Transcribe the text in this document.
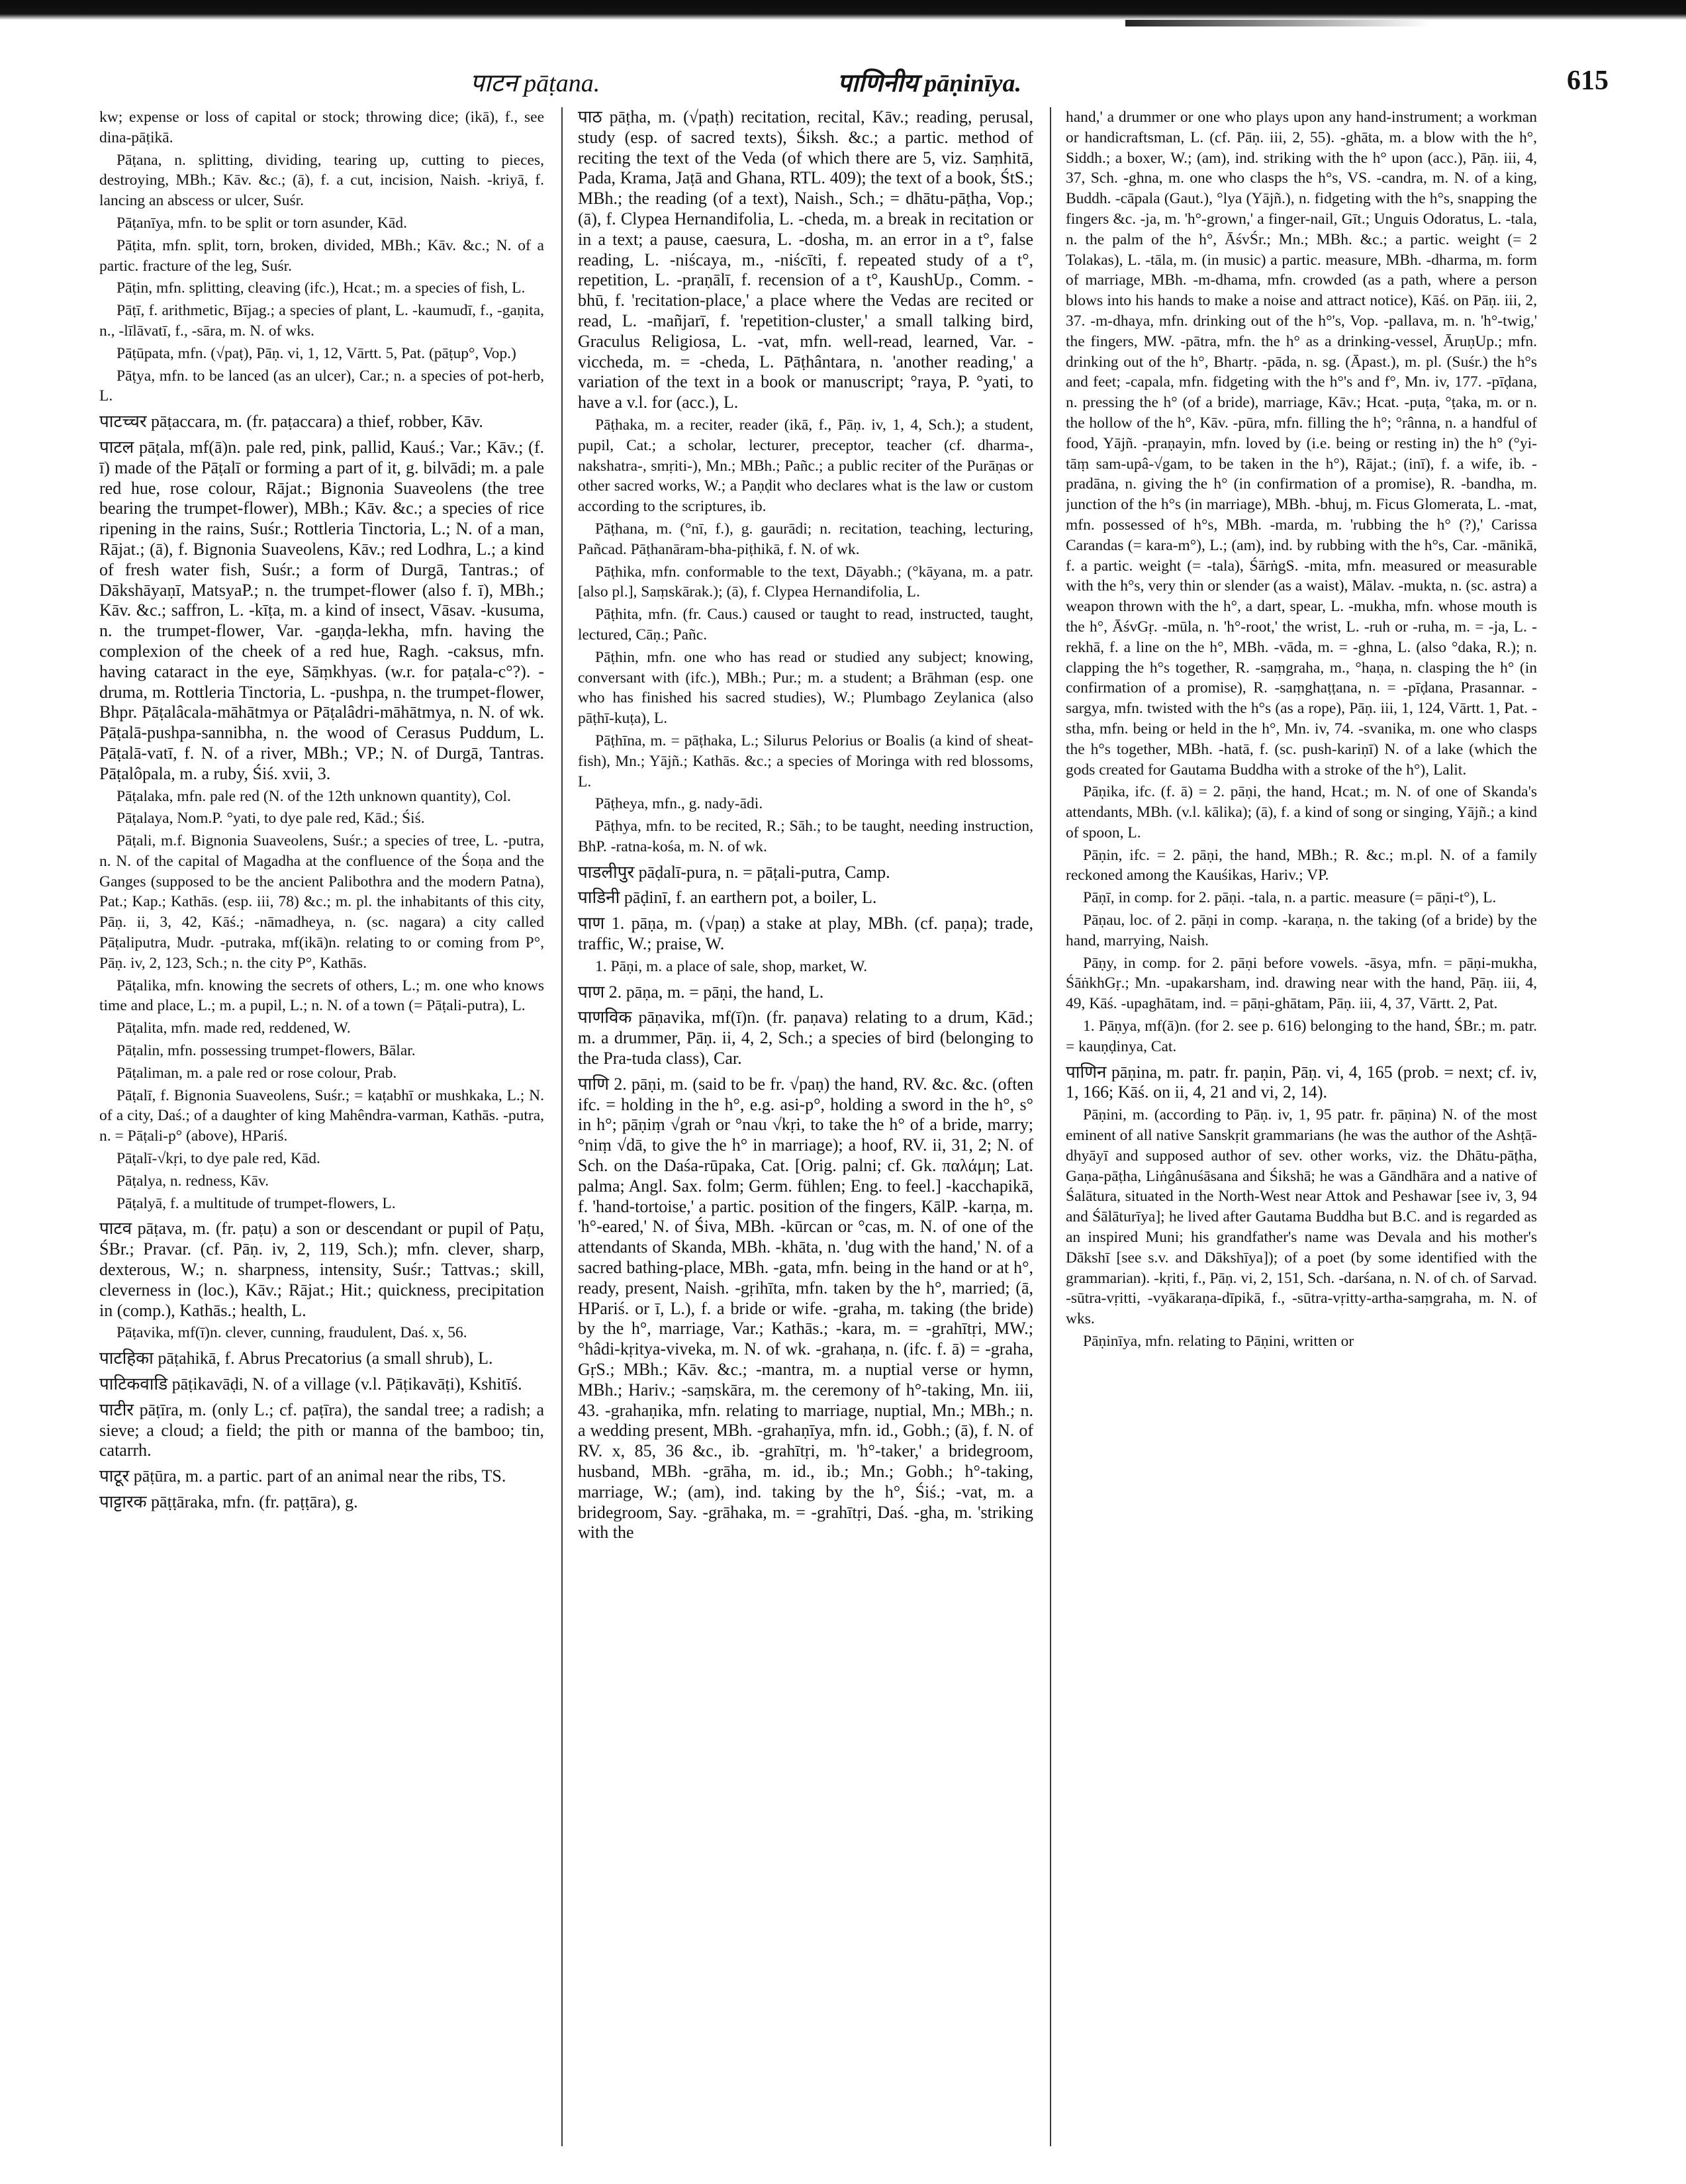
पाटन pāṭana.	पाणिनीय pāṇinīya.	615

kw; expense or loss of capital or stock; throwing dice; (ikā), f., see dina-pāṭikā.

Pāṭana, n. splitting, dividing, tearing up, cutting to pieces, destroying, MBh.; Kāv. &c.; (ā), f. a cut, incision, Naish. -kriyā, f. lancing an abscess or ulcer, Suśr.

Pāṭanīya, mfn. to be split or torn asunder, Kād.

Pāṭita, mfn. split, torn, broken, divided, MBh.; Kāv. &c.; N. of a partic. fracture of the leg, Suśr.

Pāṭin, mfn. splitting, cleaving (ifc.), Hcat.; m. a species of fish, L.

Pāṭī, f. arithmetic, Bījag.; a species of plant, L. -kaumudī, f., -gaṇita, n., -līlāvatī, f., -sāra, m. N. of wks.

Pāṭūpata, mfn. (√paṭ), Pāṇ. vi, 1, 12, Vārtt. 5, Pat. (pāṭup°, Vop.)

Pāṭya, mfn. to be lanced (as an ulcer), Car.; n. a species of pot-herb, L.

पाटच्चर pāṭaccara, m. (fr. paṭaccara) a thief, robber, Kāv.

पाटल pāṭala, mf(ā)n. pale red, pink, pallid, Kauś.; Var.; Kāv.; (f. ī) made of the Pāṭalī or forming a part of it, g. bilvādi; m. a pale red hue, rose colour, Rājat.; Bignonia Suaveolens (the tree bearing the trumpet-flower), MBh.; Kāv. &c.; a species of rice ripening in the rains, Suśr.; Rottleria Tinctoria, L.; N. of a man, Rājat.; (ā), f. Bignonia Suaveolens, Kāv.; red Lodhra, L.; a kind of fresh water fish, Suśr.; a form of Durgā, Tantras.; of Dākshāyaṇī, MatsyaP.; n. the trumpet-flower (also f. ī), MBh.; Kāv. &c.; saffron, L. -kīṭa, m. a kind of insect, Vāsav. -kusuma, n. the trumpet-flower, Var. -gaṇḍa-lekha, mfn. having the complexion of the cheek of a red hue, Ragh. -caksus, mfn. having cataract in the eye, Sāṃkhyas. (w.r. for paṭala-c°?). -druma, m. Rottleria Tinctoria, L. -pushpa, n. the trumpet-flower, Bhpr. Pāṭalâcala-māhātmya or Pāṭalâdri-māhātmya, n. N. of wk. Pāṭalā-pushpa-sannibha, n. the wood of Cerasus Puddum, L. Pāṭalā-vatī, f. N. of a river, MBh.; VP.; N. of Durgā, Tantras. Pāṭalôpala, m. a ruby, Śiś. xvii, 3.

Pāṭalaka, mfn. pale red (N. of the 12th unknown quantity), Col.

Pāṭalaya, Nom.P. °yati, to dye pale red, Kād.; Śiś.

Pāṭali, m.f. Bignonia Suaveolens, Suśr.; a species of tree, L. -putra, n. N. of the capital of Magadha at the confluence of the Śoṇa and the Ganges (supposed to be the ancient Palibothra and the modern Patna), Pat.; Kap.; Kathās. (esp. iii, 78) &c.; m. pl. the inhabitants of this city, Pāṇ. ii, 3, 42, Kāś.; -nāmadheya, n. (sc. nagara) a city called Pāṭaliputra, Mudr. -putraka, mf(ikā)n. relating to or coming from P°, Pāṇ. iv, 2, 123, Sch.; n. the city P°, Kathās.

Pāṭalika, mfn. knowing the secrets of others, L.; m. one who knows time and place, L.; m. a pupil, L.; n. N. of a town (= Pāṭali-putra), L.

Pāṭalita, mfn. made red, reddened, W.

Pāṭalin, mfn. possessing trumpet-flowers, Bālar.

Pāṭaliman, m. a pale red or rose colour, Prab.

Pāṭalī, f. Bignonia Suaveolens, Suśr.; = kaṭabhī or mushkaka, L.; N. of a city, Daś.; of a daughter of king Mahêndra-varman, Kathās. -putra, n. = Pāṭali-p° (above), HPariś.

Pāṭalī-√kṛi, to dye pale red, Kād.

Pāṭalya, n. redness, Kāv.

Pāṭalyā, f. a multitude of trumpet-flowers, L.

पाटव pāṭava, m. (fr. paṭu) a son or descendant or pupil of Paṭu, ŚBr.; Pravar. (cf. Pāṇ. iv, 2, 119, Sch.); mfn. clever, sharp, dexterous, W.; n. sharpness, intensity, Suśr.; Tattvas.; skill, cleverness in (loc.), Kāv.; Rājat.; Hit.; quickness, precipitation in (comp.), Kathās.; health, L.

Pāṭavika, mf(ī)n. clever, cunning, fraudulent, Daś. x, 56.

पाटहिका pāṭahikā, f. Abrus Precatorius (a small shrub), L.

पाटिकवाडि pāṭikavāḍi, N. of a village (v.l. Pāṭikavāṭi), Kshitīś.

पाटीर pāṭīra, m. (only L.; cf. paṭīra), the sandal tree; a radish; a sieve; a cloud; a field; the pith or manna of the bamboo; tin, catarrh.

पाटूर pāṭūra, m. a partic. part of an animal near the ribs, TS.

पाट्टारक pāṭṭāraka, mfn. (fr. paṭṭāra), g.

पाठ pāṭha, m. (√paṭh) recitation, recital, Kāv.; reading, perusal, study (esp. of sacred texts), Śiksh. &c.; a partic. method of reciting the text of the Veda (of which there are 5, viz. Saṃhitā, Pada, Krama, Jaṭā and Ghana, RTL. 409); the text of a book, ŚtS.; MBh.; the reading (of a text), Naish., Sch.; = dhātu-pāṭha, Vop.; (ā), f. Clypea Hernandifolia, L. -cheda, m. a break in recitation or in a text; a pause, caesura, L. -dosha, m. an error in a t°, false reading, L. -niścaya, m., -niścīti, f. repeated study of a t°, repetition, L. -praṇālī, f. recension of a t°, KaushUp., Comm. -bhū, f. 'recitation-place,' a place where the Vedas are recited or read, L. -mañjarī, f. 'repetition-cluster,' a small talking bird, Graculus Religiosa, L. -vat, mfn. well-read, learned, Var. -viccheda, m. = -cheda, L. Pāṭhântara, n. 'another reading,' a variation of the text in a book or manuscript; °raya, P. °yati, to have a v.l. for (acc.), L.

Pāṭhaka, m. a reciter, reader (ikā, f., Pāṇ. iv, 1, 4, Sch.); a student, pupil, Cat.; a scholar, lecturer, preceptor, teacher (cf. dharma-, nakshatra-, smṛiti-), Mn.; MBh.; Pañc.; a public reciter of the Purāṇas or other sacred works, W.; a Paṇḍit who declares what is the law or custom according to the scriptures, ib.

Pāṭhana, m. (°nī, f.), g. gaurādi; n. recitation, teaching, lecturing, Pañcad. Pāṭhanāram-bha-piṭhikā, f. N. of wk.

Pāṭhika, mfn. conformable to the text, Dāyabh.; (°kāyana, m. a patr. [also pl.], Saṃskārak.); (ā), f. Clypea Hernandifolia, L.

Pāṭhita, mfn. (fr. Caus.) caused or taught to read, instructed, taught, lectured, Cāṇ.; Pañc.

Pāṭhin, mfn. one who has read or studied any subject; knowing, conversant with (ifc.), MBh.; Pur.; m. a student; a Brāhman (esp. one who has finished his sacred studies), W.; Plumbago Zeylanica (also pāṭhī-kuṭa), L.

Pāṭhīna, m. = pāṭhaka, L.; Silurus Pelorius or Boalis (a kind of sheat-fish), Mn.; Yājñ.; Kathās. &c.; a species of Moringa with red blossoms, L.

Pāṭheya, mfn., g. nady-ādi.

Pāṭhya, mfn. to be recited, R.; Sāh.; to be taught, needing instruction, BhP. -ratna-kośa, m. N. of wk.

पाडलीपुर pāḍalī-pura, n. = pāṭali-putra, Camp.

पाडिनी pāḍinī, f. an earthern pot, a boiler, L.

पाण 1. pāṇa, m. (√paṇ) a stake at play, MBh. (cf. paṇa); trade, traffic, W.; praise, W.

1. Pāṇi, m. a place of sale, shop, market, W.

पाण 2. pāṇa, m. = pāṇi, the hand, L.

पाणविक pāṇavika, mf(ī)n. (fr. paṇava) relating to a drum, Kād.; m. a drummer, Pāṇ. ii, 4, 2, Sch.; a species of bird (belonging to the Pra-tuda class), Car.

पाणि 2. pāṇi, m. (said to be fr. √paṇ) the hand, RV. &c. &c. (often ifc. = holding in the h°, e.g. asi-p°, holding a sword in the h°, s° in h°; pāṇiṃ √grah or °nau √kṛi, to take the h° of a bride, marry; °niṃ √dā, to give the h° in marriage); a hoof, RV. ii, 31, 2; N. of Sch. on the Daśa-rūpaka, Cat. [Orig. palni; cf. Gk. παλάμη; Lat. palma; Angl. Sax. folm; Germ. fühlen; Eng. to feel.] -kacchapikā, f. 'hand-tortoise,' a partic. position of the fingers, KālP. -karṇa, m. 'h°-eared,' N. of Śiva, MBh. -kūrcan or °cas, m. N. of one of the attendants of Skanda, MBh. -khāta, n. 'dug with the hand,' N. of a sacred bathing-place, MBh. -gata, mfn. being in the hand or at h°, ready, present, Naish. -gṛihīta, mfn. taken by the h°, married; (ā, HPariś. or ī, L.), f. a bride or wife. -graha, m. taking (the bride) by the h°, marriage, Var.; Kathās.; -kara, m. = -grahītṛi, MW.; °hâdi-kṛitya-viveka, m. N. of wk. -grahaṇa, n. (ifc. f. ā) = -graha, GṛS.; MBh.; Kāv. &c.; -mantra, m. a nuptial verse or hymn, MBh.; Hariv.; -saṃskāra, m. the ceremony of h°-taking, Mn. iii, 43. -grahaṇika, mfn. relating to marriage, nuptial, Mn.; MBh.; n. a wedding present, MBh. -grahaṇīya, mfn. id., Gobh.; (ā), f. N. of RV. x, 85, 36 &c., ib. -grahītṛi, m. 'h°-taker,' a bridegroom, husband, MBh. -grāha, m. id., ib.; Mn.; Gobh.; h°-taking, marriage, W.; (am), ind. taking by the h°, Śiś.; -vat, m. a bridegroom, Say. -grāhaka, m. = -grahītṛi, Daś. -gha, m. 'striking with the

hand,' a drummer or one who plays upon any hand-instrument; a workman or handicraftsman, L. (cf. Pāṇ. iii, 2, 55). -ghāta, m. a blow with the h°, Siddh.; a boxer, W.; (am), ind. striking with the h° upon (acc.), Pāṇ. iii, 4, 37, Sch. -ghna, m. one who clasps the h°s, VS. -candra, m. N. of a king, Buddh. -cāpala (Gaut.), °lya (Yājñ.), n. fidgeting with the h°s, snapping the fingers &c. -ja, m. 'h°-grown,' a finger-nail, Gīt.; Unguis Odoratus, L. -tala, n. the palm of the h°, ĀśvŚr.; Mn.; MBh. &c.; a partic. weight (= 2 Tolakas), L. -tāla, m. (in music) a partic. measure, MBh. -dharma, m. form of marriage, MBh. -m-dhama, mfn. crowded (as a path, where a person blows into his hands to make a noise and attract notice), Kāś. on Pāṇ. iii, 2, 37. -m-dhaya, mfn. drinking out of the h°'s, Vop. -pallava, m. n. 'h°-twig,' the fingers, MW. -pātra, mfn. the h° as a drinking-vessel, ĀruṇUp.; mfn. drinking out of the h°, Bhartṛ. -pāda, n. sg. (Āpast.), m. pl. (Suśr.) the h°s and feet; -capala, mfn. fidgeting with the h°'s and f°, Mn. iv, 177. -pīḍana, n. pressing the h° (of a bride), marriage, Kāv.; Hcat. -puṭa, °ṭaka, m. or n. the hollow of the h°, Kāv. -pūra, mfn. filling the h°; °rânna, n. a handful of food, Yājñ. -praṇayin, mfn. loved by (i.e. being or resting in) the h° (°yi-tāṃ sam-upâ-√gam, to be taken in the h°), Rājat.; (inī), f. a wife, ib. -pradāna, n. giving the h° (in confirmation of a promise), R. -bandha, m. junction of the h°s (in marriage), MBh. -bhuj, m. Ficus Glomerata, L. -mat, mfn. possessed of h°s, MBh. -marda, m. 'rubbing the h° (?),' Carissa Carandas (= kara-m°), L.; (am), ind. by rubbing with the h°s, Car. -mānikā, f. a partic. weight (= -tala), ŚārṅgS. -mita, mfn. measured or measurable with the h°s, very thin or slender (as a waist), Mālav. -mukta, n. (sc. astra) a weapon thrown with the h°, a dart, spear, L. -mukha, mfn. whose mouth is the h°, ĀśvGṛ. -mūla, n. 'h°-root,' the wrist, L. -ruh or -ruha, m. = -ja, L. -rekhā, f. a line on the h°, MBh. -vāda, m. = -ghna, L. (also °daka, R.); n. clapping the h°s together, R. -saṃgraha, m., °haṇa, n. clasping the h° (in confirmation of a promise), R. -saṃghaṭṭana, n. = -pīḍana, Prasannar. -sargya, mfn. twisted with the h°s (as a rope), Pāṇ. iii, 1, 124, Vārtt. 1, Pat. -stha, mfn. being or held in the h°, Mn. iv, 74. -svanika, m. one who clasps the h°s together, MBh. -hatā, f. (sc. push-kariṇī) N. of a lake (which the gods created for Gautama Buddha with a stroke of the h°), Lalit.

Pāṇika, ifc. (f. ā) = 2. pāṇi, the hand, Hcat.; m. N. of one of Skanda's attendants, MBh. (v.l. kālika); (ā), f. a kind of song or singing, Yājñ.; a kind of spoon, L.

Pāṇin, ifc. = 2. pāṇi, the hand, MBh.; R. &c.; m.pl. N. of a family reckoned among the Kauśikas, Hariv.; VP.

Pāṇī, in comp. for 2. pāṇi. -tala, n. a partic. measure (= pāṇi-t°), L.

Pāṇau, loc. of 2. pāṇi in comp. -karaṇa, n. the taking (of a bride) by the hand, marrying, Naish.

Pāṇy, in comp. for 2. pāṇi before vowels. -āsya, mfn. = pāṇi-mukha, ŚāṅkhGṛ.; Mn. -upakarsham, ind. drawing near with the hand, Pāṇ. iii, 4, 49, Kāś. -upaghātam, ind. = pāṇi-ghātam, Pāṇ. iii, 4, 37, Vārtt. 2, Pat.

1. Pāṇya, mf(ā)n. (for 2. see p. 616) belonging to the hand, ŚBr.; m. patr. = kauṇḍinya, Cat.

पाणिन pāṇina, m. patr. fr. paṇin, Pāṇ. vi, 4, 165 (prob. = next; cf. iv, 1, 166; Kāś. on ii, 4, 21 and vi, 2, 14).

Pāṇini, m. (according to Pāṇ. iv, 1, 95 patr. fr. pāṇina) N. of the most eminent of all native Sanskṛit grammarians (he was the author of the Ashṭā-dhyāyī and supposed author of sev. other works, viz. the Dhātu-pāṭha, Gaṇa-pāṭha, Liṅgânuśāsana and Śikshā; he was a Gāndhāra and a native of Śalātura, situated in the North-West near Attok and Peshawar [see iv, 3, 94 and Śālāturīya]; he lived after Gautama Buddha but B.C. and is regarded as an inspired Muni; his grandfather's name was Devala and his mother's Dākshī [see s.v. and Dākshīya]); of a poet (by some identified with the grammarian). -kṛiti, f., Pāṇ. vi, 2, 151, Sch. -darśana, n. N. of ch. of Sarvad. -sūtra-vṛitti, -vyākaraṇa-dīpikā, f., -sūtra-vṛitty-artha-saṃgraha, m. N. of wks.

Pāṇinīya, mfn. relating to Pāṇini, written or
